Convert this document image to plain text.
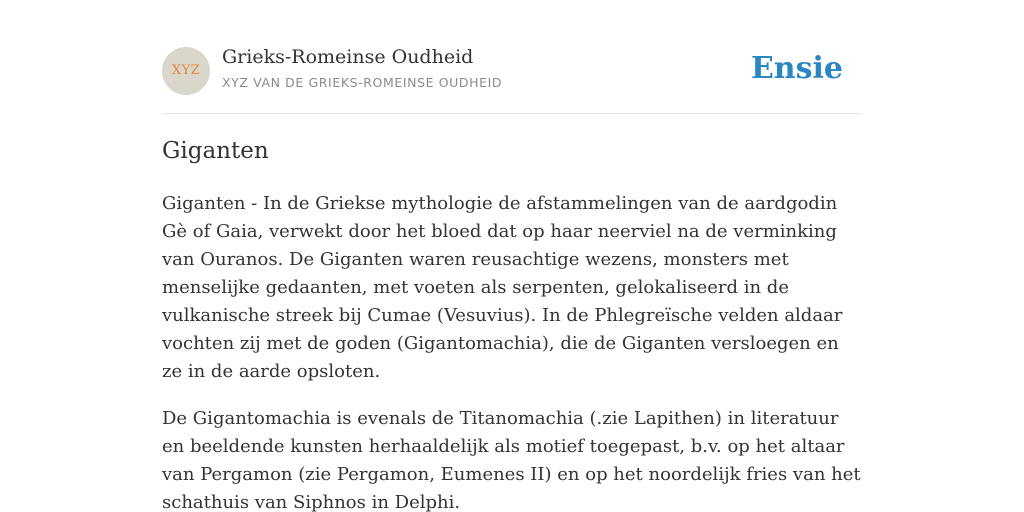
XYZ
Grieks-Romeinse Oudheid
XYZ VAN DE GRIEKS-ROMEINSE OUDHEID	Ensie
Giganten

Giganten - In de Griekse mythologie de afstammelingen van de aardgodin Gè of Gaia, verwekt door het bloed dat op haar neerviel na de verminking van Ouranos. De Giganten waren reusachtige wezens, monsters met menselijke gedaanten, met voeten als serpenten, gelokaliseerd in de vulkanische streek bij Cumae (Vesuvius). In de Phlegreïsche velden aldaar vochten zij met de goden (Gigantomachia), die de Giganten versloegen en ze in de aarde opsloten.

De Gigantomachia is evenals de Titanomachia (.zie Lapithen) in literatuur en beeldende kunsten herhaaldelijk als motief toegepast, b.v. op het altaar van Pergamon (zie Pergamon, Eumenes II) en op het noordelijk fries van het schathuis van Siphnos in Delphi.
